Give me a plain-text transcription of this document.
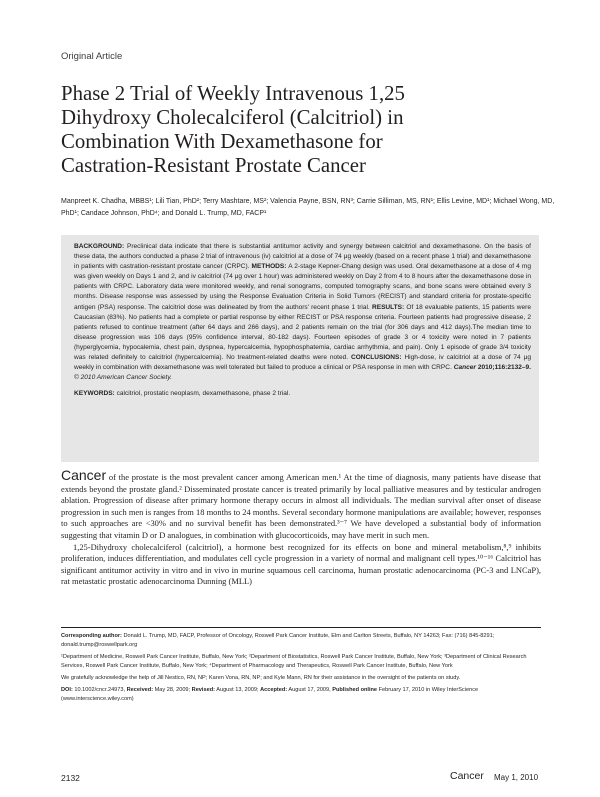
Original Article
Phase 2 Trial of Weekly Intravenous 1,25
Dihydroxy Cholecalciferol (Calcitriol) in
Combination With Dexamethasone for
Castration-Resistant Prostate Cancer
Manpreet K. Chadha, MBBS¹; Lili Tian, PhD²; Terry Mashtare, MS²; Valencia Payne, BSN, RN³; Carrie Silliman, MS, RN¹; Ellis Levine, MD¹; Michael Wong, MD, PhD¹; Candace Johnson, PhD⁴; and Donald L. Trump, MD, FACP¹

BACKGROUND: Preclinical data indicate that there is substantial antitumor activity and synergy between calcitriol and dexamethasone. On the basis of these data, the authors conducted a phase 2 trial of intravenous (iv) calcitriol at a dose of 74 μg weekly (based on a recent phase 1 trial) and dexamethasone in patients with castration-resistant prostate cancer (CRPC). METHODS: A 2-stage Kepner-Chang design was used. Oral dexamethasone at a dose of 4 mg was given weekly on Days 1 and 2, and iv calcitriol (74 μg over 1 hour) was administered weekly on Day 2 from 4 to 8 hours after the dexamethasone dose in patients with CRPC. Laboratory data were monitored weekly, and renal sonograms, computed tomography scans, and bone scans were obtained every 3 months. Disease response was assessed by using the Response Evaluation Criteria in Solid Tumors (RECIST) and standard criteria for prostate-specific antigen (PSA) response. The calcitriol dose was delineated by from the authors' recent phase 1 trial. RESULTS: Of 18 evaluable patients, 15 patients were Caucasian (83%). No patients had a complete or partial response by either RECIST or PSA response criteria. Fourteen patients had progressive disease, 2 patients refused to continue treatment (after 64 days and 266 days), and 2 patients remain on the trial (for 306 days and 412 days).The median time to disease progression was 106 days (95% confidence interval, 80-182 days). Fourteen episodes of grade 3 or 4 toxicity were noted in 7 patients (hyperglycemia, hypocalemia, chest pain, dyspnea, hypercalcemia, hypophosphatemia, cardiac arrhythmia, and pain). Only 1 episode of grade 3/4 toxicity was related definitely to calcitriol (hypercalcemia). No treatment-related deaths were noted. CONCLUSIONS: High-dose, iv calcitriol at a dose of 74 μg weekly in combination with dexamethasone was well tolerated but failed to produce a clinical or PSA response in men with CRPC. Cancer 2010;116:2132–9. © 2010 American Cancer Society.

KEYWORDS: calcitriol, prostatic neoplasm, dexamethasone, phase 2 trial.

Cancer of the prostate is the most prevalent cancer among American men.¹ At the time of diagnosis, many patients have disease that extends beyond the prostate gland.² Disseminated prostate cancer is treated primarily by local palliative measures and by testicular androgen ablation. Progression of disease after primary hormone therapy occurs in almost all individuals. The median survival after onset of disease progression in such men is ranges from 18 months to 24 months. Several secondary hormone manipulations are available; however, responses to such approaches are <30% and no survival benefit has been demonstrated.³⁻⁷ We have developed a substantial body of information suggesting that vitamin D or D analogues, in combination with glucocorticoids, may have merit in such men.

1,25-Dihydroxy cholecalciferol (calcitriol), a hormone best recognized for its effects on bone and mineral metabolism,⁸,⁹ inhibits proliferation, induces differentiation, and modulates cell cycle progression in a variety of normal and malignant cell types.¹⁰⁻¹⁶ Calcitriol has significant antitumor activity in vitro and in vivo in murine squamous cell carcinoma, human prostatic adenocarcinoma (PC-3 and LNCaP), rat metastatic prostatic adenocarcinoma Dunning (MLL)

Corresponding author: Donald L. Trump, MD, FACP, Professor of Oncology, Roswell Park Cancer Institute, Elm and Carlton Streets, Buffalo, NY 14263; Fax: (716) 845-8291; donald.trump@roswellpark.org

¹Department of Medicine, Roswell Park Cancer Institute, Buffalo, New York; ²Department of Biostatistics, Roswell Park Cancer Institute, Buffalo, New York; ³Department of Clinical Research Services, Roswell Park Cancer Institute, Buffalo, New York; ⁴Department of Pharmacology and Therapeutics, Roswell Park Cancer Institute, Buffalo, New York

We gratefully acknowledge the help of Jill Nestico, RN, NP; Karen Vona, RN, NP; and Kyle Mann, RN for their assistance in the oversight of the patients on study.

DOI: 10.1002/cncr.24973, Received: May 28, 2009; Revised: August 13, 2009; Accepted: August 17, 2009, Published online February 17, 2010 in Wiley InterScience (www.interscience.wiley.com)

2132	Cancer May 1, 2010
